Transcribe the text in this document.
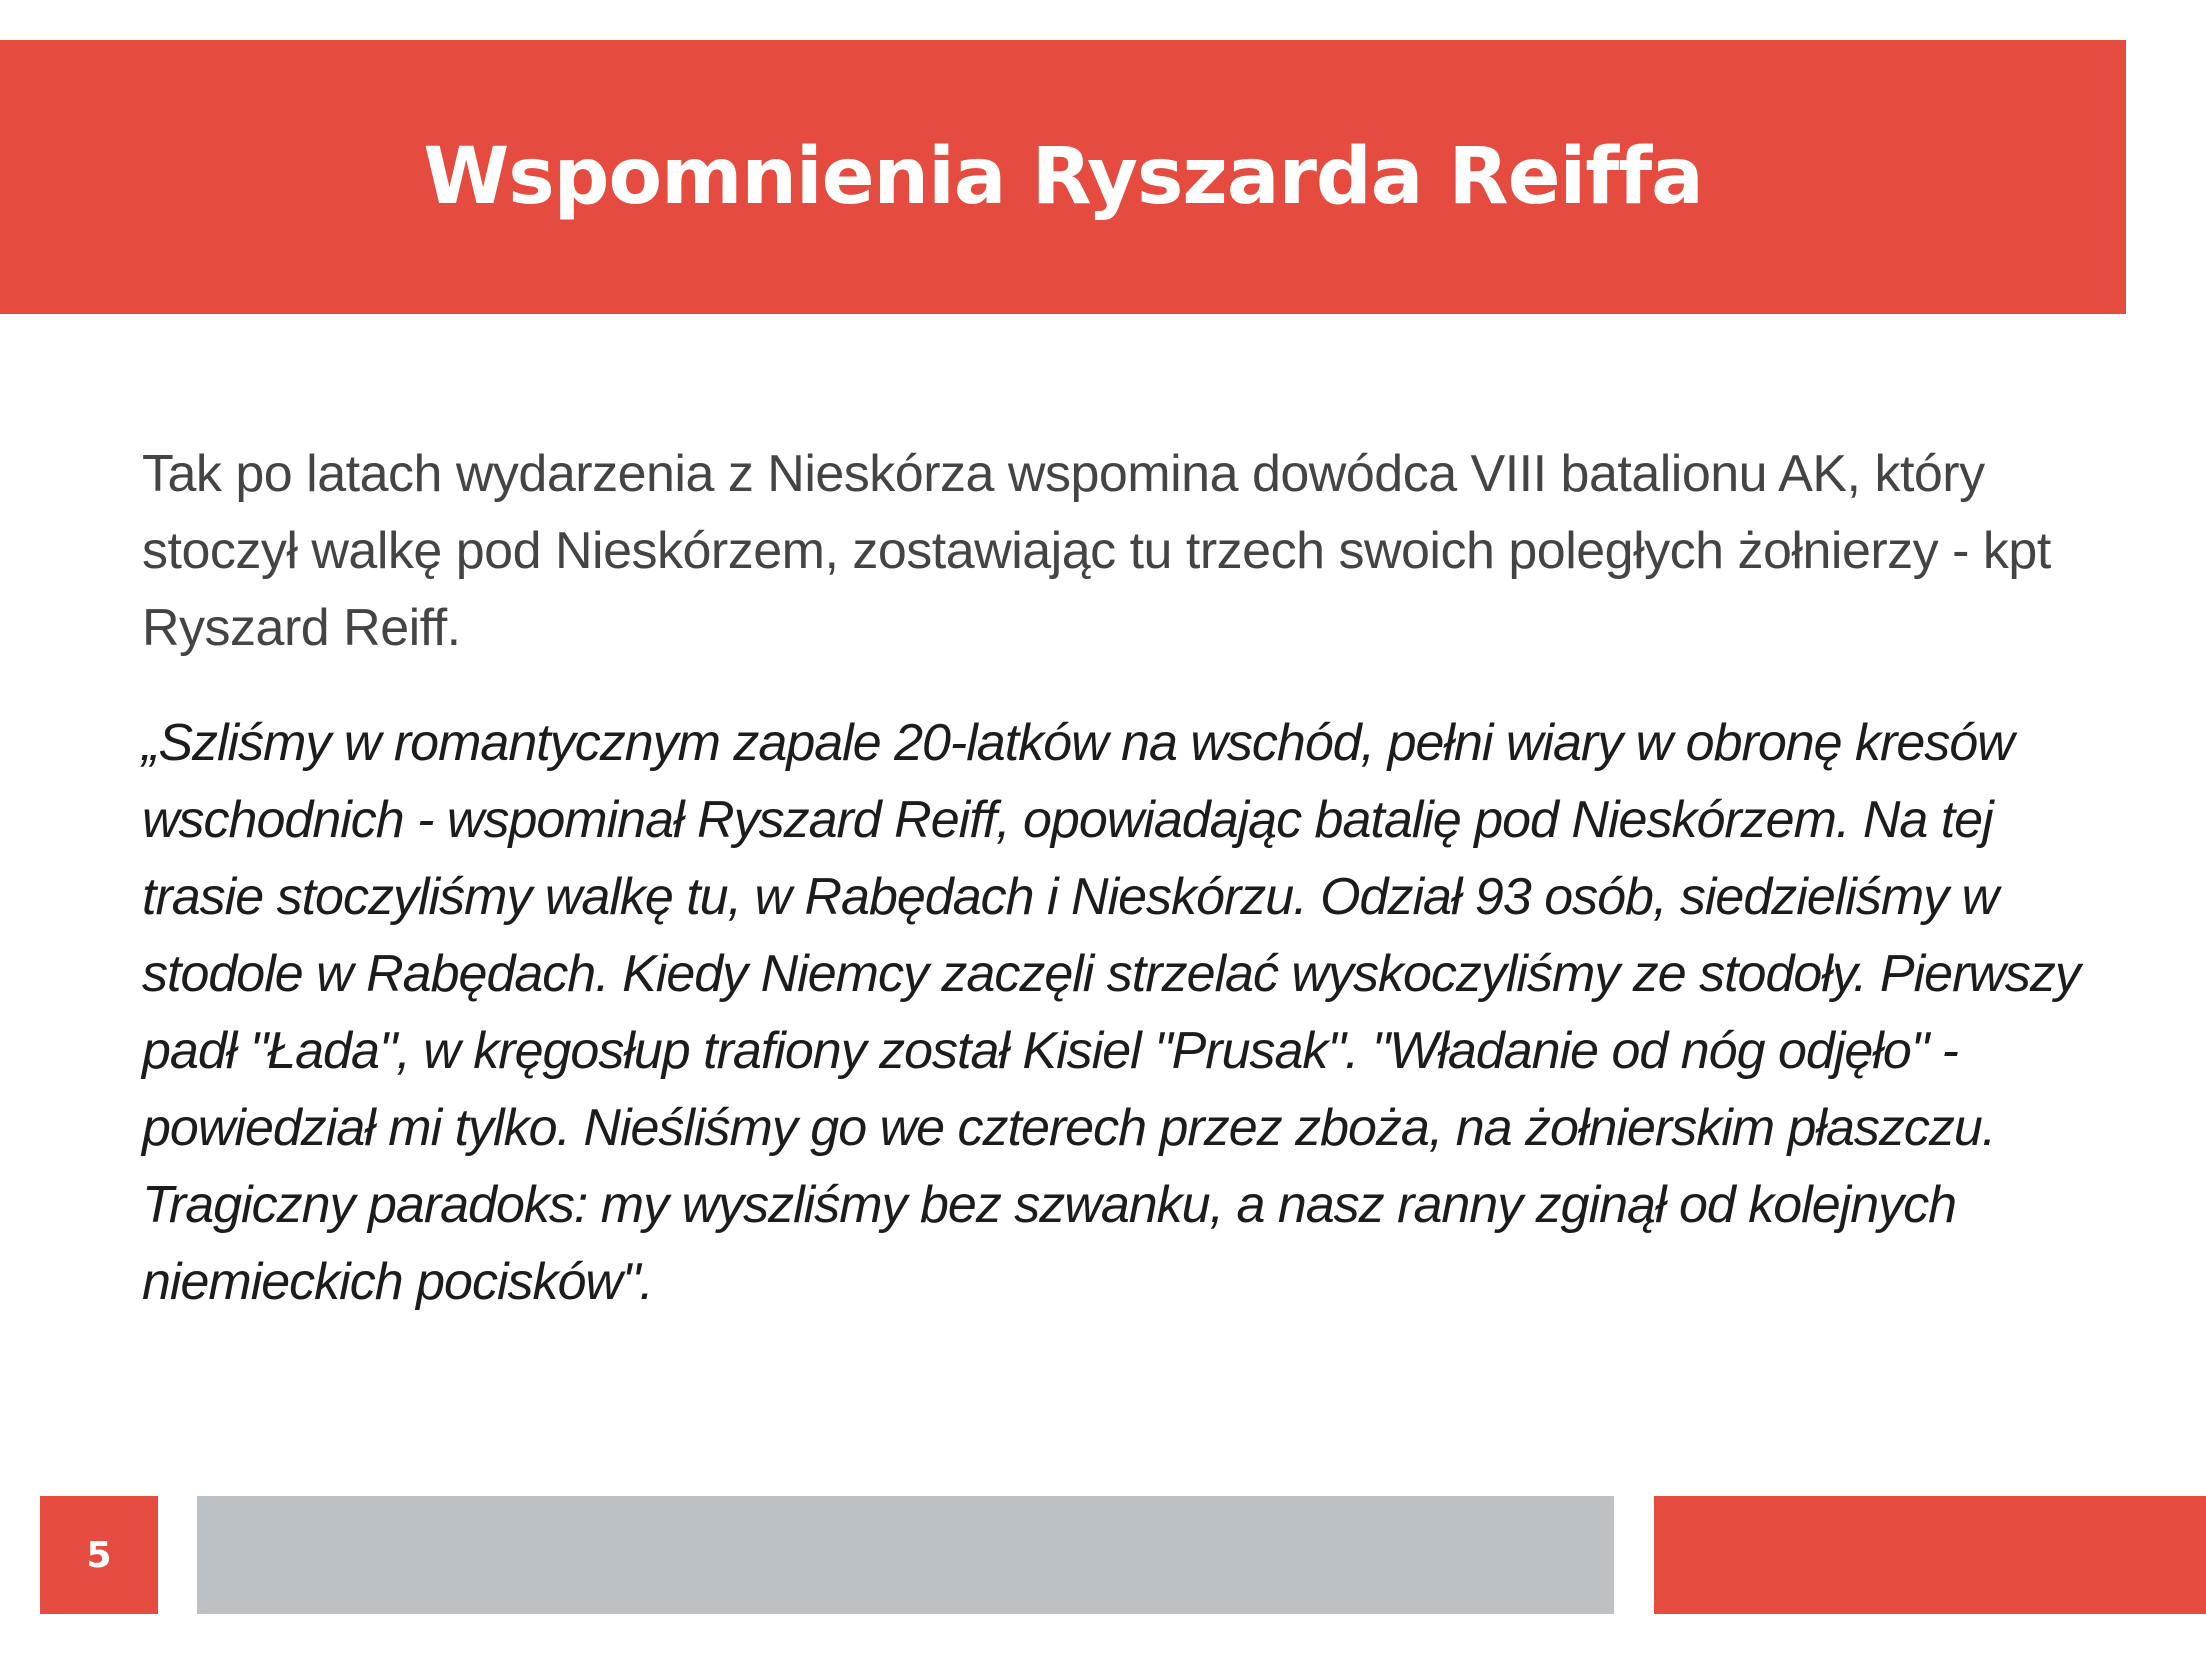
Wspomnienia Ryszarda Reiffa

Tak po latach wydarzenia z Nieskórza wspomina dowódca VIII batalionu AK, który stoczył walkę pod Nieskórzem, zostawiając tu trzech swoich poległych żołnierzy - kpt Ryszard Reiff.

„Szliśmy w romantycznym zapale 20-latków na wschód, pełni wiary w obronę kresów wschodnich - wspominał Ryszard Reiff, opowiadając batalię pod Nieskórzem. Na tej trasie stoczyliśmy walkę tu, w Rabędach i Nieskórzu. Odział 93 osób, siedzieliśmy w stodole w Rabędach. Kiedy Niemcy zaczęli strzelać wyskoczyliśmy ze stodoły. Pierwszy padł "Łada", w kręgosłup trafiony został Kisiel "Prusak". "Władanie od nóg odjęło" - powiedział mi tylko. Nieśliśmy go we czterech przez zboża, na żołnierskim płaszczu. Tragiczny paradoks: my wyszliśmy bez szwanku, a nasz ranny zginął od kolejnych niemieckich pocisków".

5
